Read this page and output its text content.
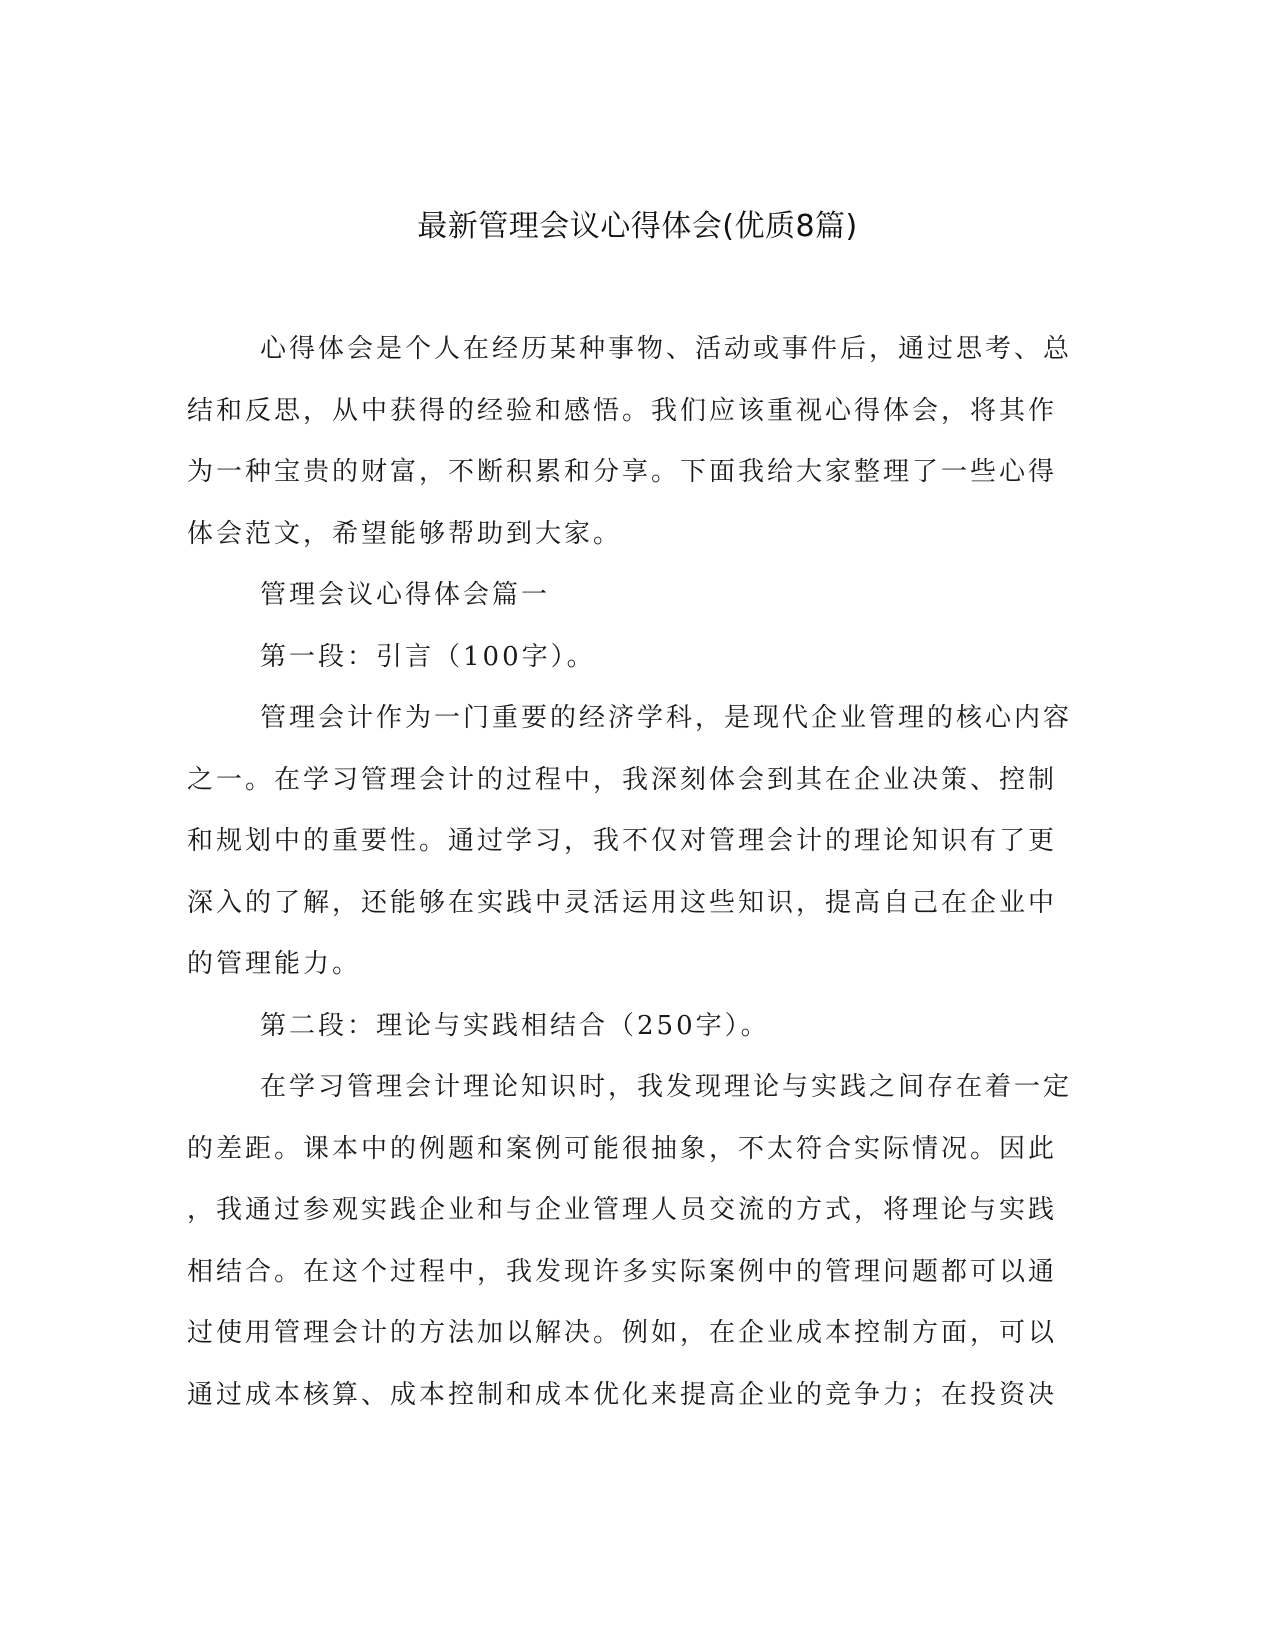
最新管理会议心得体会(优质8篇)

心得体会是个人在经历某种事物、活动或事件后，通过思考、总
结和反思，从中获得的经验和感悟。我们应该重视心得体会，将其作
为一种宝贵的财富，不断积累和分享。下面我给大家整理了一些心得
体会范文，希望能够帮助到大家。

管理会议心得体会篇一

第一段：引言（100字）。

管理会计作为一门重要的经济学科，是现代企业管理的核心内容
之一。在学习管理会计的过程中，我深刻体会到其在企业决策、控制
和规划中的重要性。通过学习，我不仅对管理会计的理论知识有了更
深入的了解，还能够在实践中灵活运用这些知识，提高自己在企业中
的管理能力。

第二段：理论与实践相结合（250字）。

在学习管理会计理论知识时，我发现理论与实践之间存在着一定
的差距。课本中的例题和案例可能很抽象，不太符合实际情况。因此
，我通过参观实践企业和与企业管理人员交流的方式，将理论与实践
相结合。在这个过程中，我发现许多实际案例中的管理问题都可以通
过使用管理会计的方法加以解决。例如，在企业成本控制方面，可以
通过成本核算、成本控制和成本优化来提高企业的竞争力；在投资决
